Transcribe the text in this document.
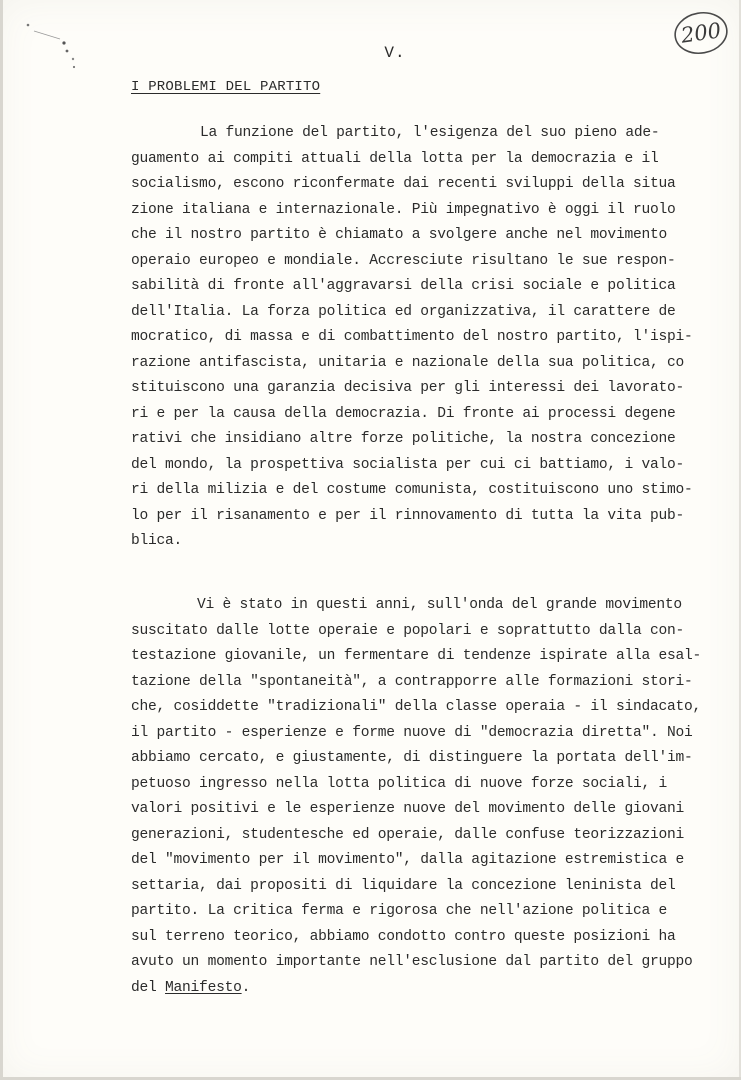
200
V.
I PROBLEMI DEL PARTITO
La funzione del partito, l'esigenza del suo pieno ade-
guamento ai compiti attuali della lotta per la democrazia e il
socialismo, escono riconfermate dai recenti sviluppi della situa
zione italiana e internazionale. Più impegnativo è oggi il ruolo
che il nostro partito è chiamato a svolgere anche nel movimento
operaio europeo e mondiale. Accresciute risultano le sue respon-
sabilità di fronte all'aggravarsi della crisi sociale e politica
dell'Italia. La forza politica ed organizzativa, il carattere de
mocratico, di massa e di combattimento del nostro partito, l'ispi-
razione antifascista, unitaria e nazionale della sua politica, co
stituiscono una garanzia decisiva per gli interessi dei lavorato-
ri e per la causa della democrazia. Di fronte ai processi degene
rativi che insidiano altre forze politiche, la nostra concezione
del mondo, la prospettiva socialista per cui ci battiamo, i valo-
ri della milizia e del costume comunista, costituiscono uno stimo-
lo per il risanamento e per il rinnovamento di tutta la vita pub-
blica.
Vi è stato in questi anni, sull'onda del grande movimento
suscitato dalle lotte operaie e popolari e soprattutto dalla con-
testazione giovanile, un fermentare di tendenze ispirate alla esal-
tazione della "spontaneità", a contrapporre alle formazioni stori-
che, cosiddette "tradizionali" della classe operaia - il sindacato,
il partito - esperienze e forme nuove di "democrazia diretta". Noi
abbiamo cercato, e giustamente, di distinguere la portata dell'im-
petuoso ingresso nella lotta politica di nuove forze sociali, i
valori positivi e le esperienze nuove del movimento delle giovani
generazioni, studentesche ed operaie, dalle confuse teorizzazioni
del "movimento per il movimento", dalla agitazione estremistica e
settaria, dai propositi di liquidare la concezione leninista del
partito. La critica ferma e rigorosa che nell'azione politica e
sul terreno teorico, abbiamo condotto contro queste posizioni ha
avuto un momento importante nell'esclusione dal partito del gruppo
del Manifesto.
